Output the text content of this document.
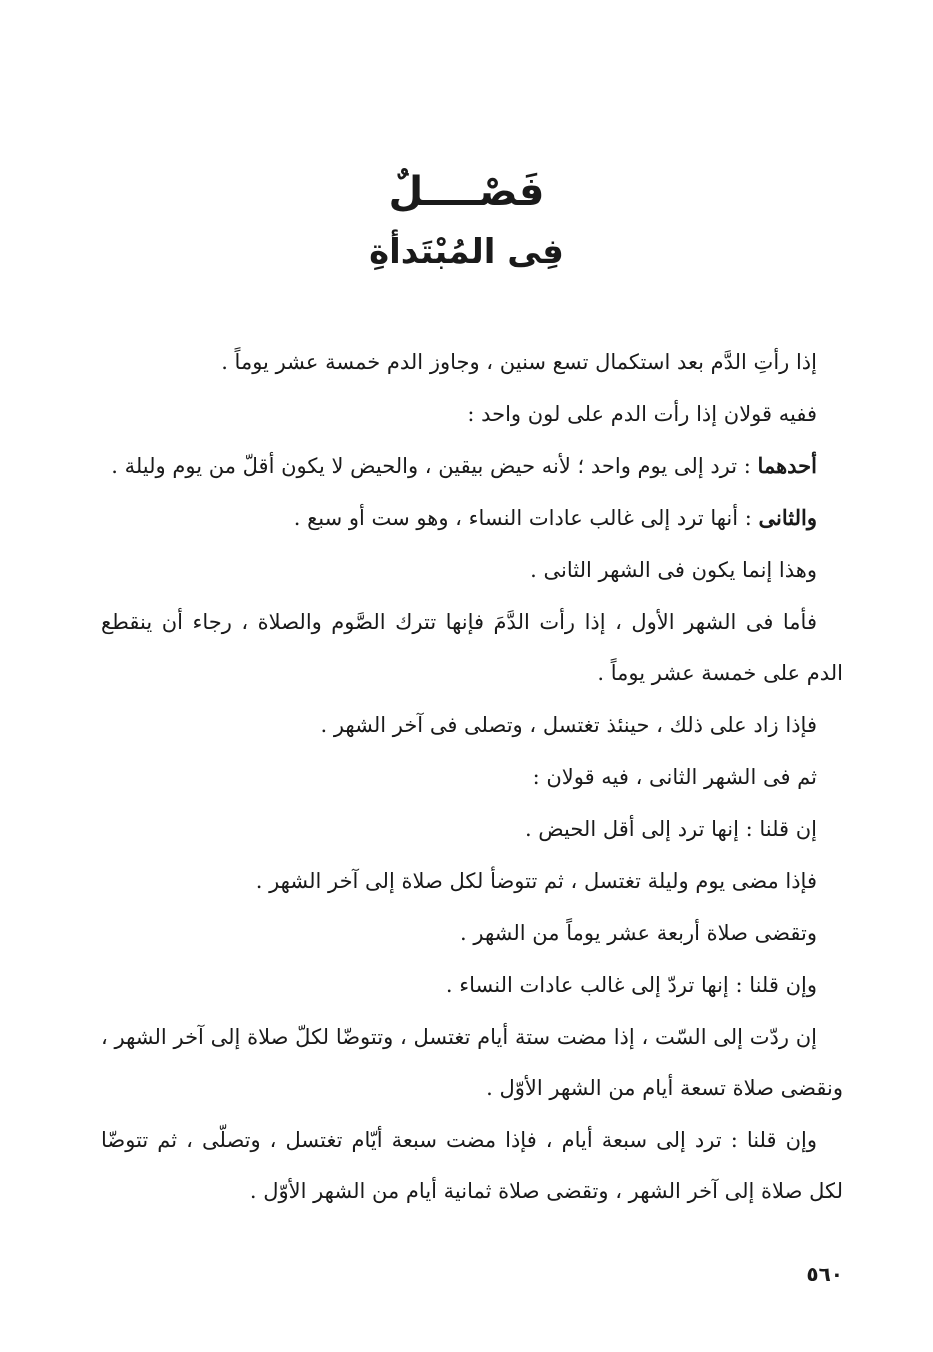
فَصْــــلٌ
فِى المُبْتَدأةِ

إذا رأتِ الدَّم بعد استكمال تسع سنين ، وجاوز الدم خمسة عشر يوماً .

ففيه قولان إذا رأت الدم على لون واحد :

أحدهما : ترد إلى يوم واحد ؛ لأنه حيض بيقين ، والحيض لا يكون أقلّ من يوم وليلة .

والثانى : أنها ترد إلى غالب عادات النساء ، وهو ست أو سبع .

وهذا إنما يكون فى الشهر الثانى .

فأما فى الشهر الأول ، إذا رأت الدَّمَ فإنها تترك الصَّوم والصلاة ، رجاء أن ينقطع الدم على خمسة عشر يوماً .

فإذا زاد على ذلك ، حينئذ تغتسل ، وتصلى فى آخر الشهر .

ثم فى الشهر الثانى ، فيه قولان :

إن قلنا : إنها ترد إلى أقل الحيض .

فإذا مضى يوم وليلة تغتسل ، ثم تتوضأ لكل صلاة إلى آخر الشهر .

وتقضى صلاة أربعة عشر يوماً من الشهر .

وإن قلنا : إنها تردّ إلى غالب عادات النساء .

إن ردّت إلى السّت ، إذا مضت ستة أيام تغتسل ، وتتوضّا لكلّ صلاة إلى آخر الشهر ، ونقضى صلاة تسعة أيام من الشهر الأوّل .

وإن قلنا : ترد إلى سبعة أيام ، فإذا مضت سبعة أيّام تغتسل ، وتصلّى ، ثم تتوضّا لكل صلاة إلى آخر الشهر ، وتقضى صلاة ثمانية أيام من الشهر الأوّل .

٥٦٠
